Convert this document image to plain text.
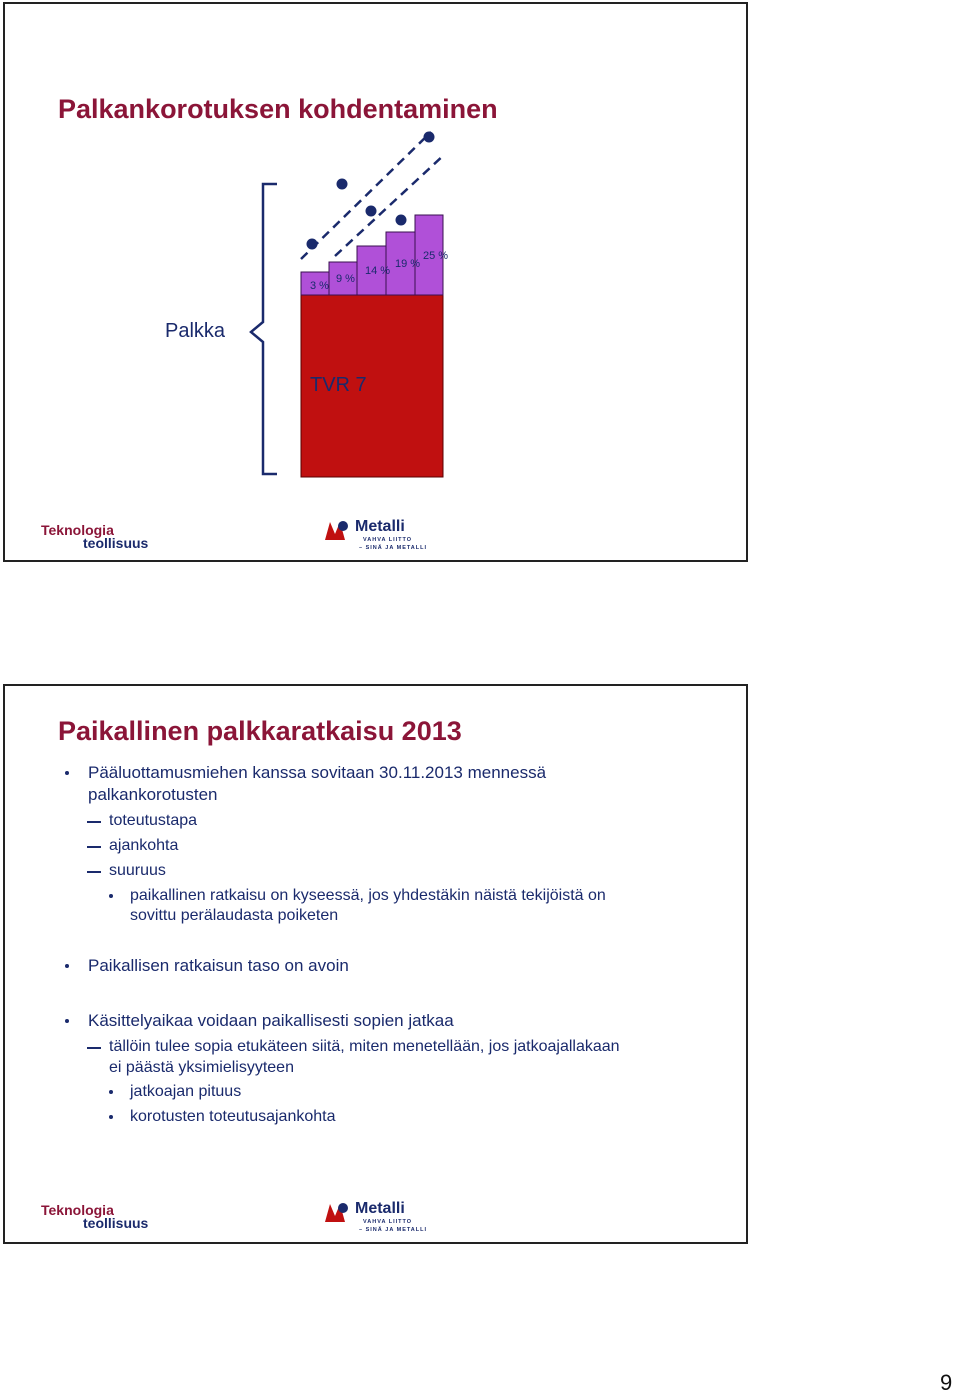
Palkankorotuksen kohdentaminen
3 %
9 %
14 %
19 %
25 %
Palkka
TVR 7
Teknologia
teollisuus
Metalli
VAHVA LIITTO
– SINÄ JA METALLI
Paikallinen palkkaratkaisu 2013
Pääluottamusmiehen kanssa sovitaan 30.11.2013 mennessä
palkankorotusten
toteutustapa
ajankohta
suuruus
paikallinen ratkaisu on kyseessä, jos yhdestäkin näistä tekijöistä on
sovittu perälaudasta poiketen
Paikallisen ratkaisun taso on avoin
Käsittelyaikaa voidaan paikallisesti sopien jatkaa
tällöin tulee sopia etukäteen siitä, miten menetellään, jos jatkoajallakaan
ei päästä yksimielisyyteen
jatkoajan pituus
korotusten toteutusajankohta
Teknologia
teollisuus
Metalli
VAHVA LIITTO
– SINÄ JA METALLI
9
